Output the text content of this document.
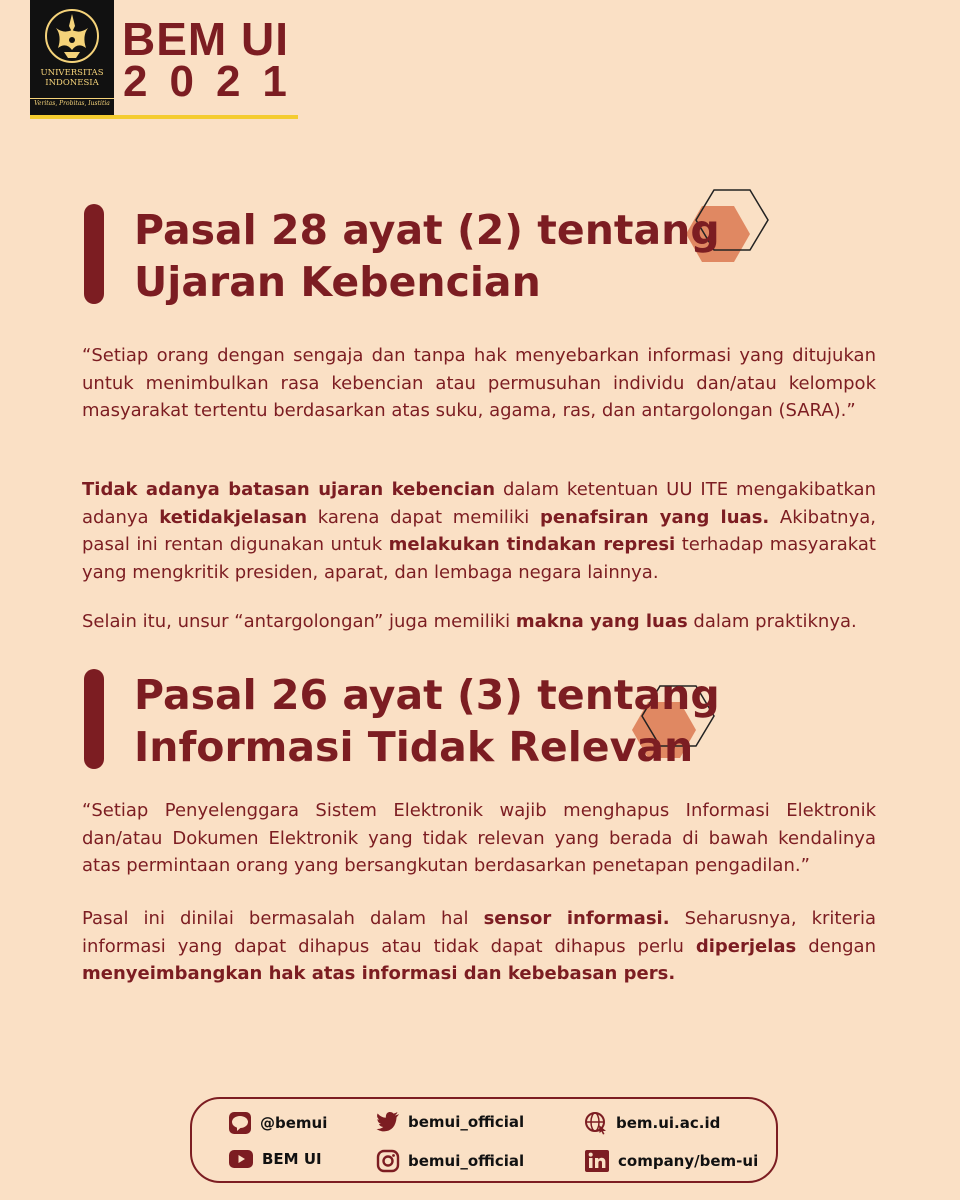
UNIVERSITAS
INDONESIA
Veritas, Probitas, Iustitia
BEM UI
2021
Pasal 28 ayat (2) tentang
Ujaran Kebencian

“Setiap orang dengan sengaja dan tanpa hak menyebarkan informasi yang ditujukan untuk menimbulkan rasa kebencian atau permusuhan individu dan/atau kelompok masyarakat tertentu berdasarkan atas suku, agama, ras, dan antargolongan (SARA).”

Tidak adanya batasan ujaran kebencian dalam ketentuan UU ITE mengakibatkan adanya ketidakjelasan karena dapat memiliki penafsiran yang luas. Akibatnya, pasal ini rentan digunakan untuk melakukan tindakan represi terhadap masyarakat yang mengkritik presiden, aparat, dan lembaga negara lainnya.

Selain itu, unsur “antargolongan” juga memiliki makna yang luas dalam praktiknya.

Pasal 26 ayat (3) tentang
Informasi Tidak Relevan

“Setiap Penyelenggara Sistem Elektronik wajib menghapus Informasi Elektronik dan/atau Dokumen Elektronik yang tidak relevan yang berada di bawah kendalinya atas permintaan orang yang bersangkutan berdasarkan penetapan pengadilan.”

Pasal ini dinilai bermasalah dalam hal sensor informasi. Seharusnya, kriteria informasi yang dapat dihapus atau tidak dapat dihapus perlu diperjelas dengan menyeimbangkan hak atas informasi dan kebebasan pers.

@bemui	bemui_official	bem.ui.ac.id
BEM UI	bemui_official	company/bem-ui
